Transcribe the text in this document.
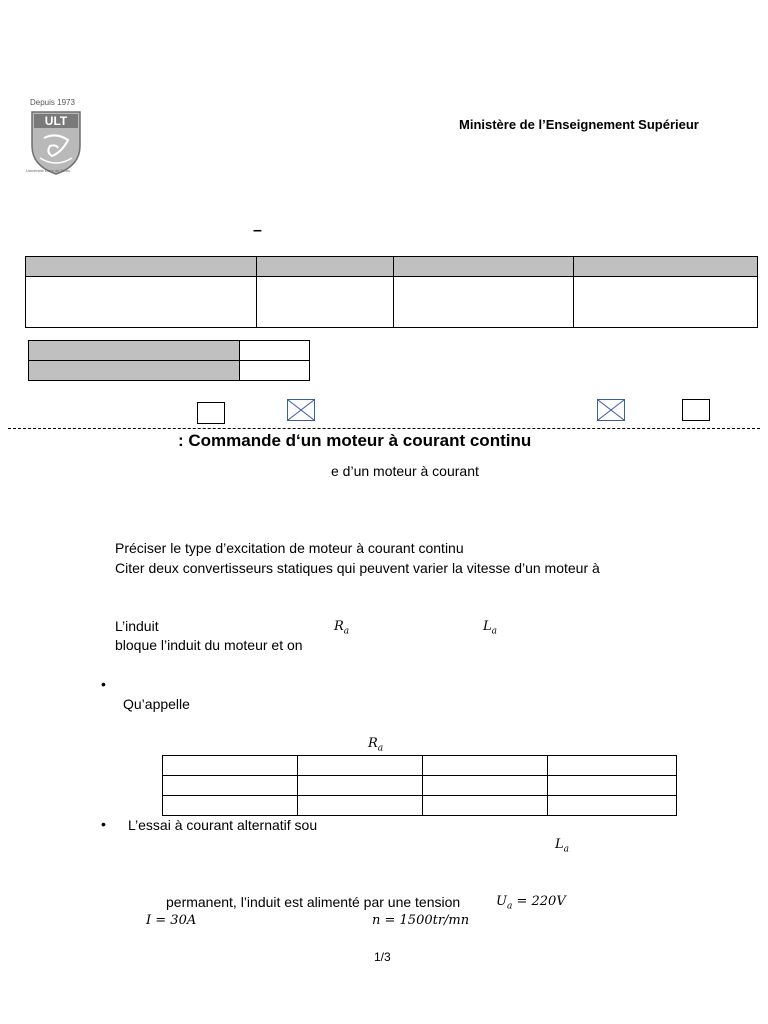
Depuis 1973
ULT
Université Libre de Tunis
Ministère de l’Enseignement Supérieur
–

: Commande d‘un moteur à courant continu
e d’un moteur à courant
Préciser le type d’excitation de moteur à courant continu
Citer deux convertisseurs statiques qui peuvent varier la vitesse d’un moteur à
L’induit	$R_a$	$L_a$
bloque l’induit du moteur et on
•
Qu’appelle
$R_a$

• L’essai à courant alternatif sou
$L_a$
permanent, l’induit est alimenté par une tension	$U_a = 220V$
I = 30A	n = 1500tr/mn
1/3
